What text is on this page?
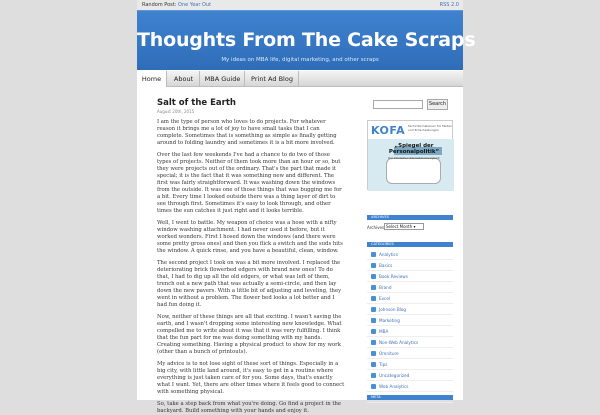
Random Post: One Year Out	RSS 2.0
Thoughts From The Cake Scraps
My ideas on MBA life, digital marketing, and other scraps
Home	About	MBA Guide	Print Ad Blog
Salt of the Earth
August 20th, 2015

I am the type of person who loves to do projects. For whatever reason it brings me a lot of joy to have small tasks that I can complete. Sometimes that is something as simple as finally getting around to folding laundry and sometimes it is a bit more involved.

Over the last few weekends I've had a chance to do two of those types of projects. Neither of them took more than an hour or so, but they were projects out of the ordinary. That's the part that made it special; it is the fact that it was something new and different. The first was fairly straightforward. It was washing down the windows from the outside. It was one of those things that was bugging me for a bit. Every time I looked outside there was a thing layer of dirt to see through first. Sometimes it's easy to look through, and other times the sun catches it just right and it looks terrible.

Well, I went to battle. My weapon of choice was a hose with a nifty window washing attachment. I had never used it before, but it worked wonders. First I hosed down the windows (and there were some pretty gross ones) and then you flick a switch and the suds hits the window. A quick rinse, and you have a beautiful, clean, window.

The second project I took on was a bit more involved. I replaced the deteriorating brick flowerbed edgers with brand new ones! To do that, I had to dig up all the old edgers, or what was left of them, trench out a new path that was actually a semi-circle, and then lay down the new pavers. With a little bit of adjusting and leveling, they went in without a problem. The flower bed looks a lot better and I had fun doing it.

Now, neither of these things are all that exciting. I wasn't saving the earth, and I wasn't dropping some interesting new knowledge. What compelled me to write about it was that it was very fulfilling. I think that the fun part for me was doing something with my hands. Creating something. Having a physical product to show for my work (other than a bunch of printouts).

My advice is to not lose sight of these sort of things. Especially in a big city, with little land around, it's easy to get in a routine where everything is just taken care of for you. Some days, that's exactly what I want. Yet, there are other times where it feels good to connect with something physical.

So, take a step back from what you're doing. Go find a project in the backyard. Build something with your hands and enjoy it.

Search
KOFA Fachinformationen für Fakten und Entscheidungen
„Spiegel der Personalpolitik“
Der interaktive Unternehmensvergleich
ARCHIVES
Archives Select Month ▾
CATEGORIES
Analytics
Basics
Book Reviews
Brand
Excel
Johnson Blog
Marketing
MBA
Non-Web Analytics
Omniture
Tips
Uncategorized
Web Analytics
META
